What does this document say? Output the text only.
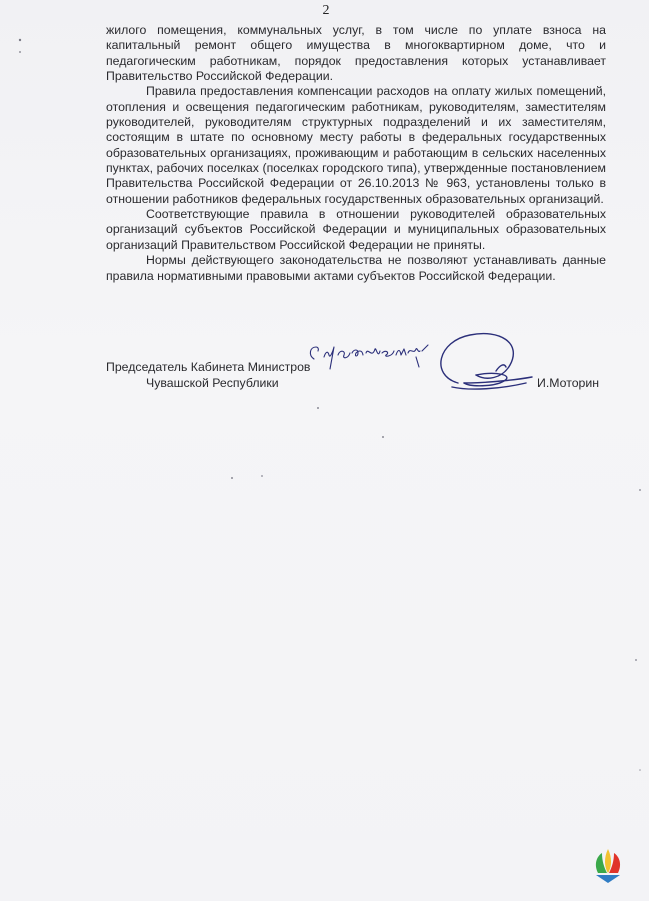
2

жилого помещения, коммунальных услуг, в том числе по уплате взноса на капитальный ремонт общего имущества в многоквартирном доме, что и педагогическим работникам, порядок предоставления которых устанавливает Правительство Российской Федерации.

Правила предоставления компенсации расходов на оплату жилых помещений, отопления и освещения педагогическим работникам, руководителям, заместителям руководителей, руководителям структурных подразделений и их заместителям, состоящим в штате по основному месту работы в федеральных государственных образовательных организациях, проживающим и работающим в сельских населенных пунктах, рабочих поселках (поселках городского типа), утвержденные постановлением Правительства Российской Федерации от 26.10.2013 № 963, установлены только в отношении работников федеральных государственных образовательных организаций.

Соответствующие правила в отношении руководителей образовательных организаций субъектов Российской Федерации и муниципальных образовательных организаций Правительством Российской Федерации не приняты.

Нормы действующего законодательства не позволяют устанавливать данные правила нормативными правовыми актами субъектов Российской Федерации.

Председатель Кабинета Министров
Чувашской Республики	И.Моторин
